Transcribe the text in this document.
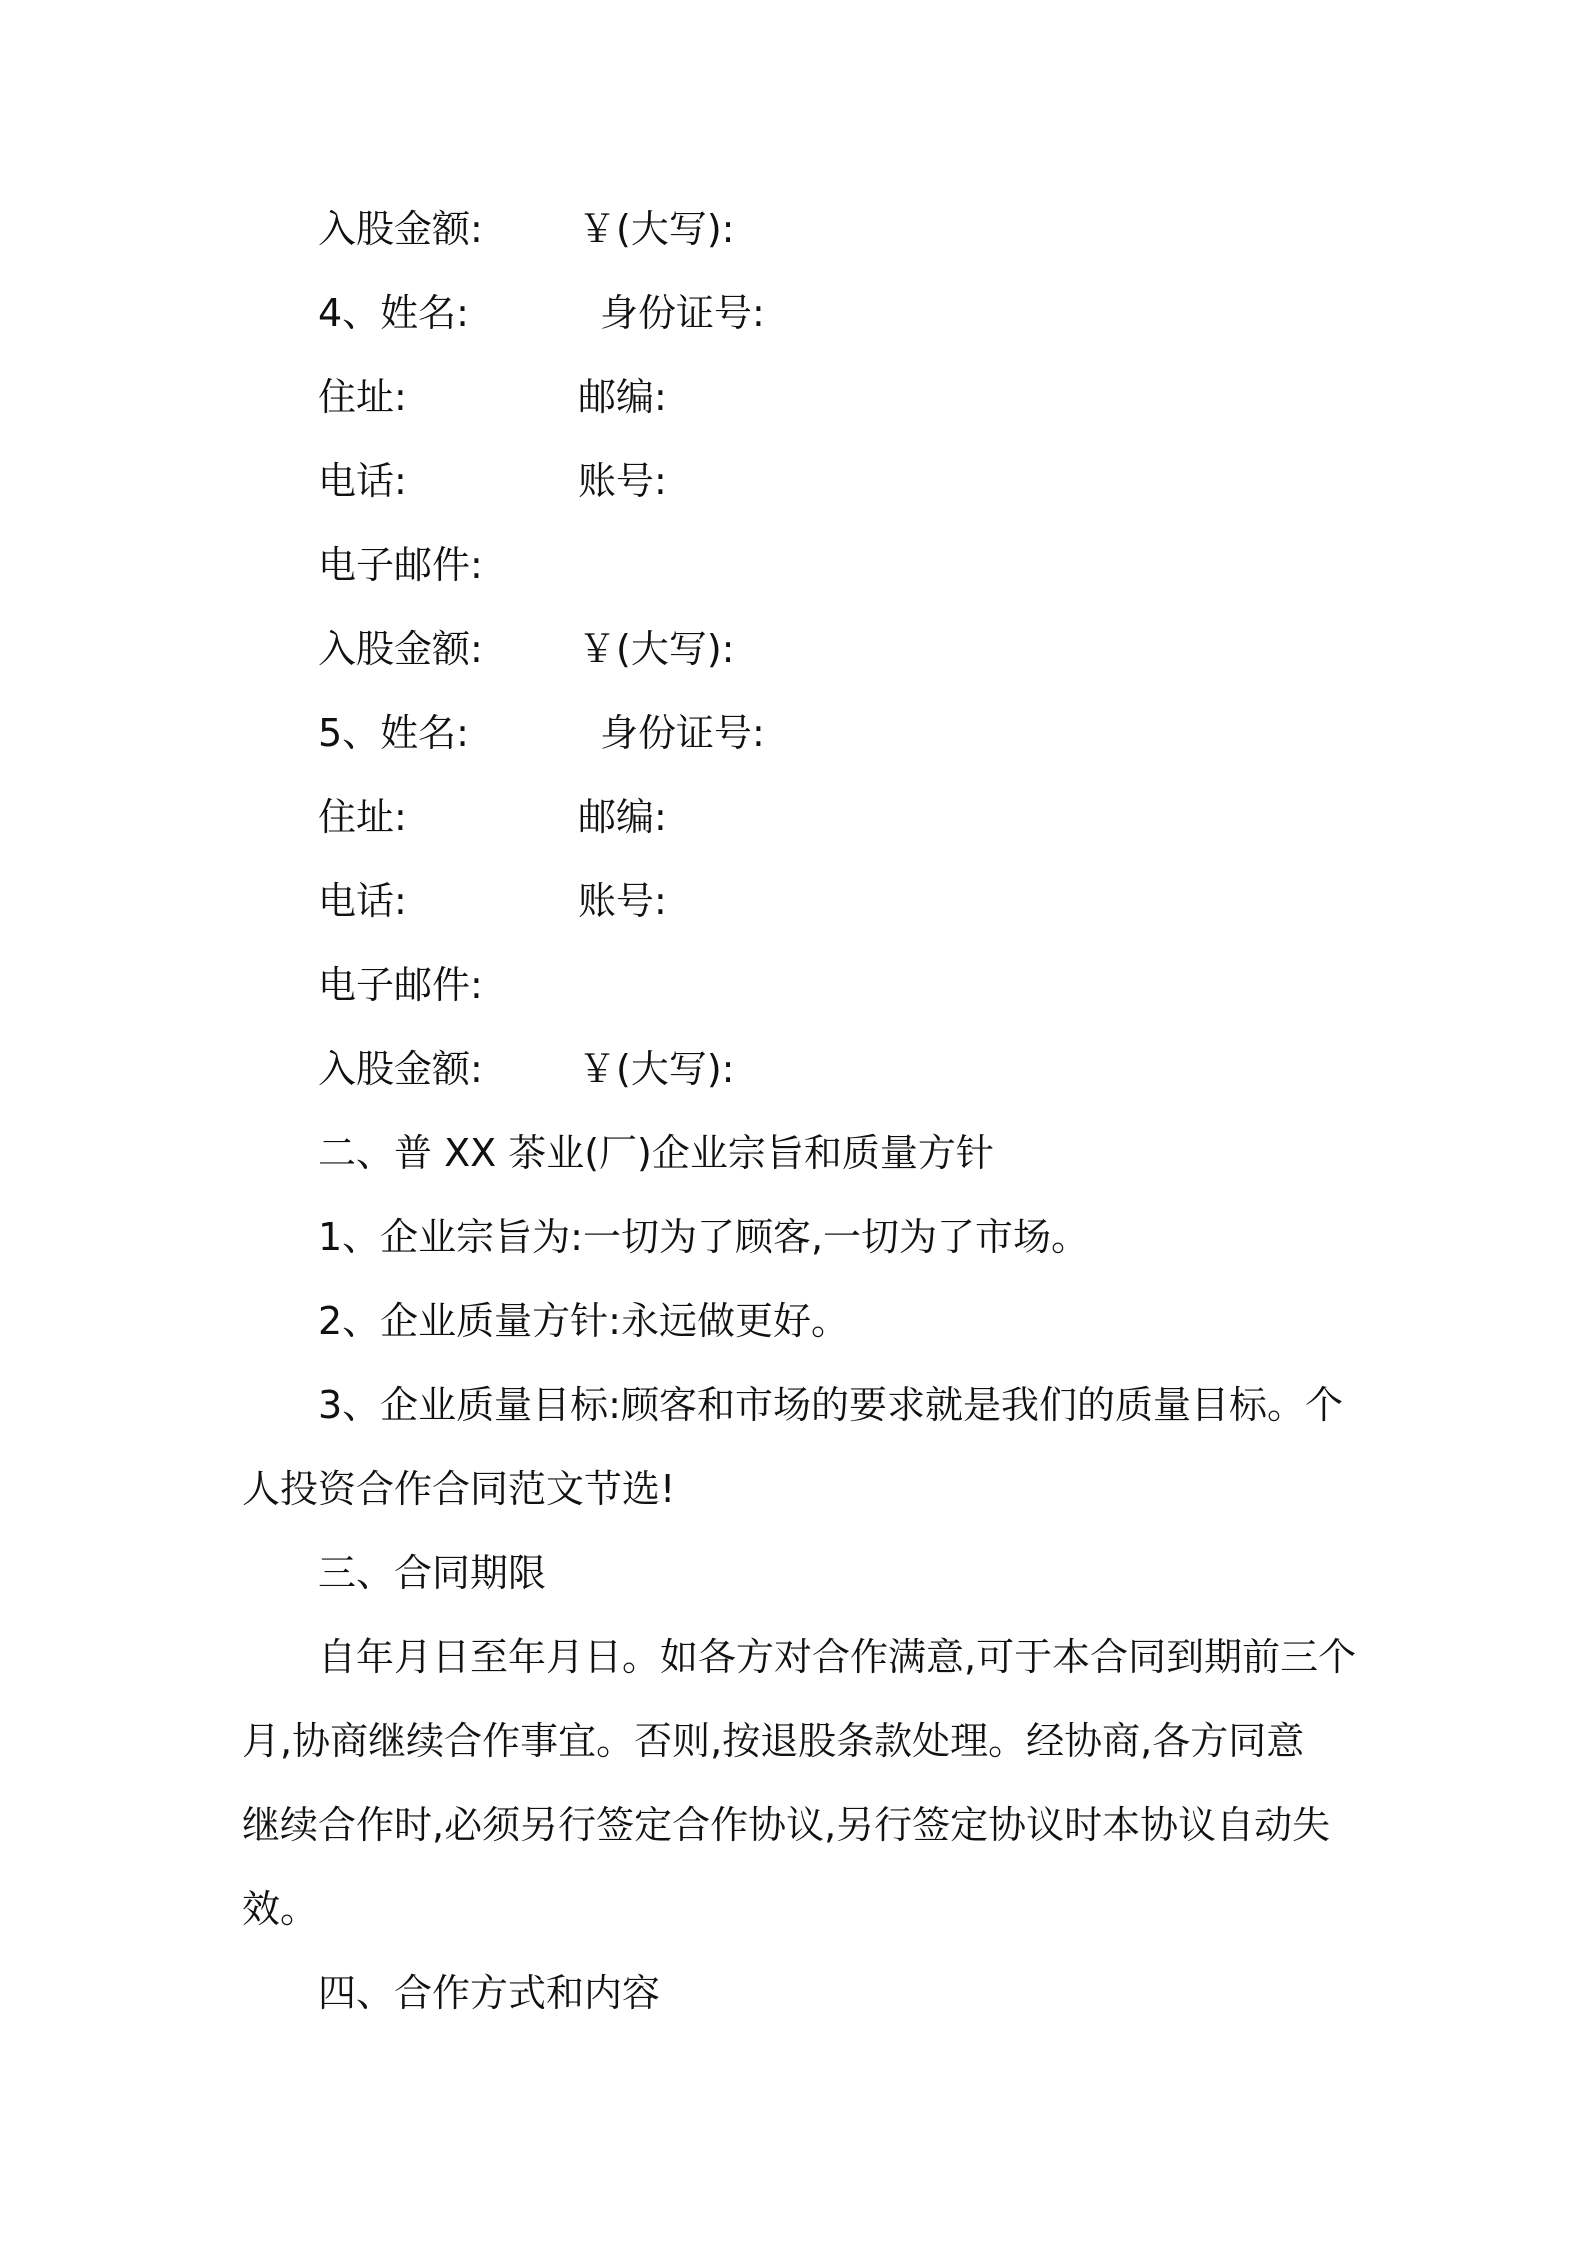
入股金额:	￥(大写):
4、姓名:	身份证号:
住址:	邮编:
电话:	账号:
电子邮件:
入股金额:	￥(大写):
5、姓名:	身份证号:
住址:	邮编:
电话:	账号:
电子邮件:
入股金额:	￥(大写):
二、普 XX 茶业(厂)企业宗旨和质量方针
1、企业宗旨为:一切为了顾客,一切为了市场。
2、企业质量方针:永远做更好。
3、企业质量目标:顾客和市场的要求就是我们的质量目标。个
人投资合作合同范文节选!
三、合同期限
自年月日至年月日。如各方对合作满意,可于本合同到期前三个
月,协商继续合作事宜。否则,按退股条款处理。经协商,各方同意
继续合作时,必须另行签定合作协议,另行签定协议时本协议自动失
效。
四、合作方式和内容
